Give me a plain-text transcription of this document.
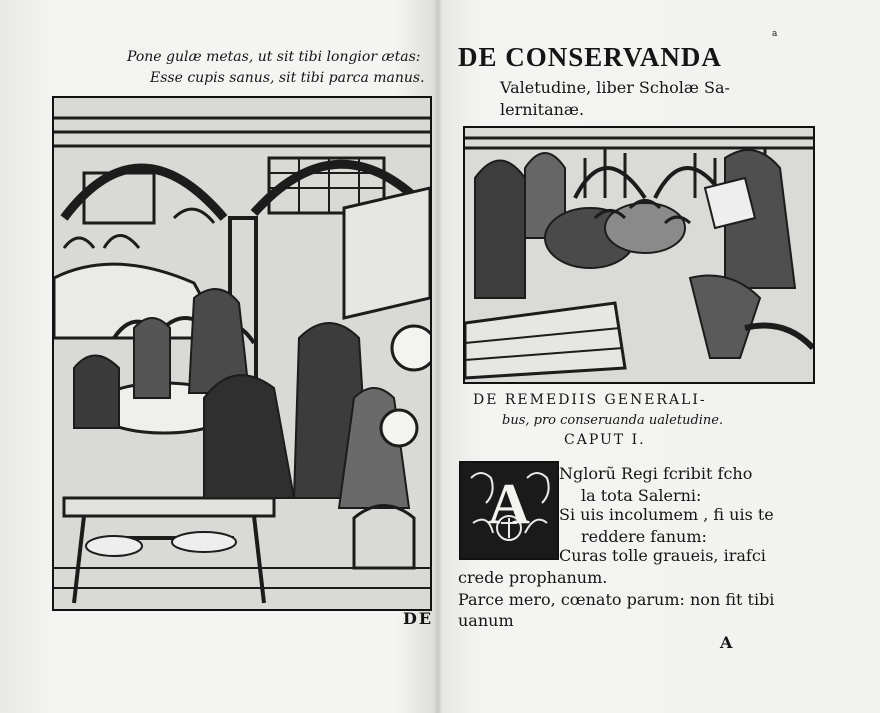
Pone gulæ metas, ut sit tibi longior ætas:
Esse cupis sanus, sit tibi parca manus.
DE
a
DE CONSERVANDA
Valetudine, liber Scholæ Sa-
lernitanæ.
DE REMEDIIS GENERALI-
bus, pro conseruanda ualetudine.
CAPUT I.
A Nglorũ Regi fcribit fcho
la tota Salerni:
Si uis incolumem , fi uis te
reddere fanum:
Curas tolle graueis, irafci
crede prophanum.
Parce mero, cœnato parum: non fit tibi
uanum
A
